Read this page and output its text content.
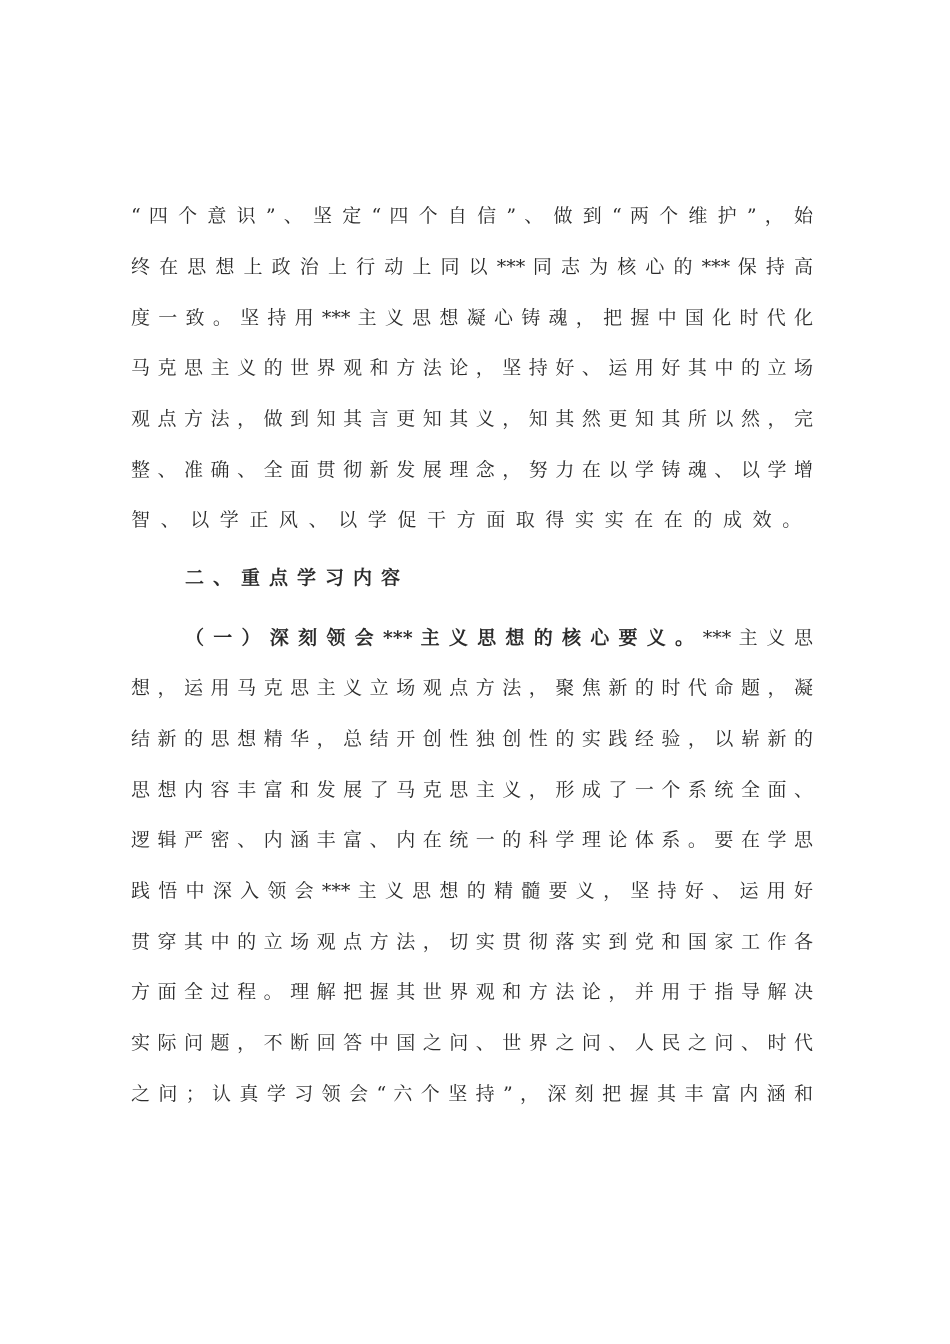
“ 四 个 意 识 ” 、 坚 定 “ 四 个 自 信 ” 、 做 到 “ 两 个 维 护 ” ， 始
终 在 思 想 上 政 治 上 行 动 上 同 以 *** 同 志 为 核 心 的 *** 保 持 高
度 一 致 。 坚 持 用 *** 主 义 思 想 凝 心 铸 魂 ， 把 握 中 国 化 时 代 化
马 克 思 主 义 的 世 界 观 和 方 法 论 ， 坚 持 好 、 运 用 好 其 中 的 立 场
观 点 方 法 ， 做 到 知 其 言 更 知 其 义 ， 知 其 然 更 知 其 所 以 然 ， 完
整 、 准 确 、 全 面 贯 彻 新 发 展 理 念 ， 努 力 在 以 学 铸 魂 、 以 学 增
智、以学正风、以学促干方面取得实实在在的成效。
二、重点学习内容
（ 一 ） 深 刻 领 会 *** 主 义 思 想 的 核 心 要 义 。 *** 主 义 思
想 ， 运 用 马 克 思 主 义 立 场 观 点 方 法 ， 聚 焦 新 的 时 代 命 题 ， 凝
结 新 的 思 想 精 华 ， 总 结 开 创 性 独 创 性 的 实 践 经 验 ， 以 崭 新 的
思 想 内 容 丰 富 和 发 展 了 马 克 思 主 义 ， 形 成 了 一 个 系 统 全 面 、
逻 辑 严 密 、 内 涵 丰 富 、 内 在 统 一 的 科 学 理 论 体 系 。 要 在 学 思
践 悟 中 深 入 领 会 *** 主 义 思 想 的 精 髓 要 义 ， 坚 持 好 、 运 用 好
贯 穿 其 中 的 立 场 观 点 方 法 ， 切 实 贯 彻 落 实 到 党 和 国 家 工 作 各
方 面 全 过 程 。 理 解 把 握 其 世 界 观 和 方 法 论 ， 并 用 于 指 导 解 决
实 际 问 题 ， 不 断 回 答 中 国 之 问 、 世 界 之 问 、 人 民 之 问 、 时 代
之 问 ； 认 真 学 习 领 会 “ 六 个 坚 持 ” ， 深 刻 把 握 其 丰 富 内 涵 和
